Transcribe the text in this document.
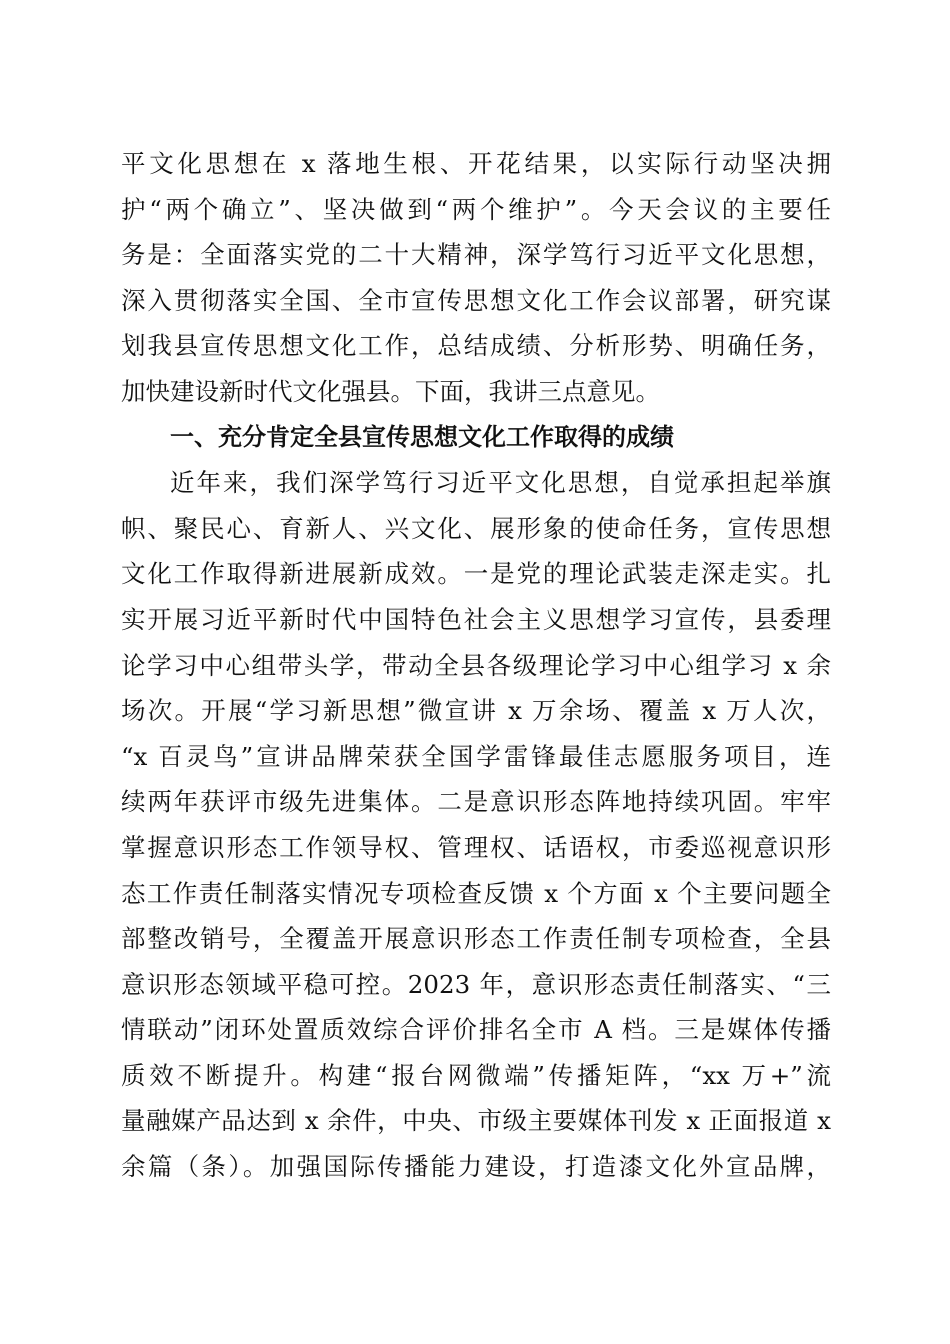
平文化思想在 x 落地生根、开花结果，以实际行动坚决拥
护“两个确立”、坚决做到“两个维护”。今天会议的主要任
务是：全面落实党的二十大精神，深学笃行习近平文化思想，
深入贯彻落实全国、全市宣传思想文化工作会议部署，研究谋
划我县宣传思想文化工作，总结成绩、分析形势、明确任务，
加快建设新时代文化强县。下面，我讲三点意见。
一、充分肯定全县宣传思想文化工作取得的成绩
近年来，我们深学笃行习近平文化思想，自觉承担起举旗
帜、聚民心、育新人、兴文化、展形象的使命任务，宣传思想
文化工作取得新进展新成效。一是党的理论武装走深走实。扎
实开展习近平新时代中国特色社会主义思想学习宣传，县委理
论学习中心组带头学，带动全县各级理论学习中心组学习 x 余
场次。开展“学习新思想”微宣讲 x 万余场、覆盖 x 万人次，
“x 百灵鸟”宣讲品牌荣获全国学雷锋最佳志愿服务项目，连
续两年获评市级先进集体。二是意识形态阵地持续巩固。牢牢
掌握意识形态工作领导权、管理权、话语权，市委巡视意识形
态工作责任制落实情况专项检查反馈 x 个方面 x 个主要问题全
部整改销号，全覆盖开展意识形态工作责任制专项检查，全县
意识形态领域平稳可控。2023 年，意识形态责任制落实、“三
情联动”闭环处置质效综合评价排名全市 A 档。三是媒体传播
质效不断提升。构建“报台网微端”传播矩阵，“xx 万+”流
量融媒产品达到 x 余件，中央、市级主要媒体刊发 x 正面报道 x
余篇（条）。加强国际传播能力建设，打造漆文化外宣品牌，
